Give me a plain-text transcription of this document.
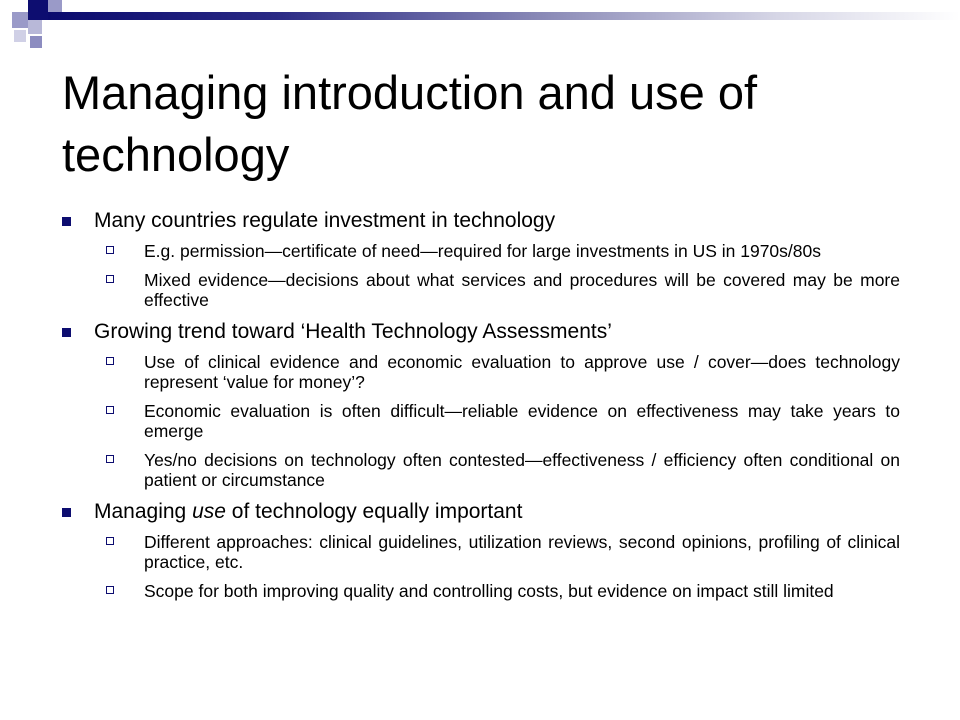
Managing introduction and use of technology
Many countries regulate investment in technology
E.g. permission—certificate of need—required for large investments in US in 1970s/80s
Mixed evidence—decisions about what services and procedures will be covered may be more effective
Growing trend toward ‘Health Technology Assessments’
Use of clinical evidence and economic evaluation to approve use / cover—does technology represent ‘value for money’?
Economic evaluation is often difficult—reliable evidence on effectiveness may take years to emerge
Yes/no decisions on technology often contested—effectiveness / efficiency often conditional on patient or circumstance
Managing use of technology equally important
Different approaches: clinical guidelines, utilization reviews, second opinions, profiling of clinical practice, etc.
Scope for both improving quality and controlling costs, but evidence on impact still limited
